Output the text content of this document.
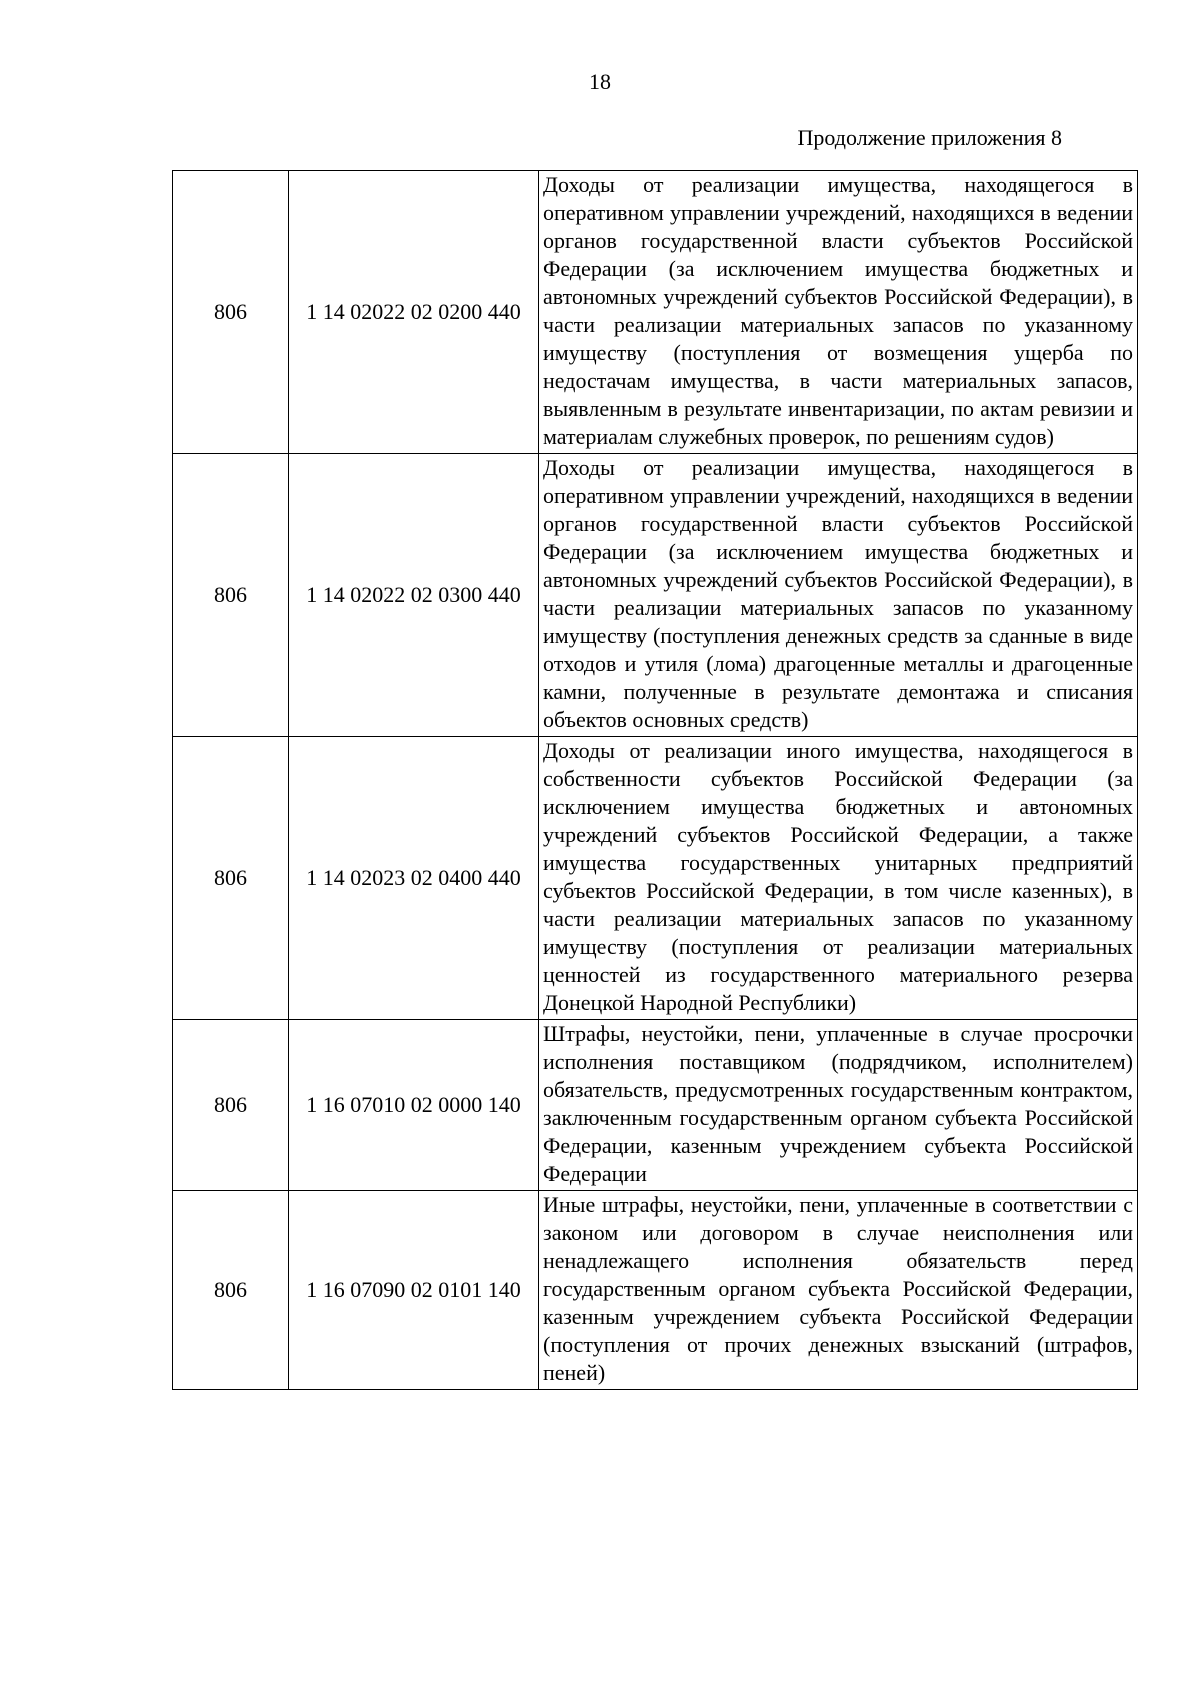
18
Продолжение приложения 8
806	1 14 02022 02 0200 440	Доходы от реализации имущества, находящегося в оперативном управлении учреждений, находящихся в ведении органов государственной власти субъектов Российской Федерации (за исключением имущества бюджетных и автономных учреждений субъектов Российской Федерации), в части реализации материальных запасов по указанному имуществу (поступления от возмещения ущерба по недостачам имущества, в части материальных запасов, выявленным в результате инвентаризации, по актам ревизии и материалам служебных проверок, по решениям судов)
806	1 14 02022 02 0300 440	Доходы от реализации имущества, находящегося в оперативном управлении учреждений, находящихся в ведении органов государственной власти субъектов Российской Федерации (за исключением имущества бюджетных и автономных учреждений субъектов Российской Федерации), в части реализации материальных запасов по указанному имуществу (поступления денежных средств за сданные в виде отходов и утиля (лома) драгоценные металлы и драгоценные камни, полученные в результате демонтажа и списания объектов основных средств)
806	1 14 02023 02 0400 440	Доходы от реализации иного имущества, находящегося в собственности субъектов Российской Федерации (за исключением имущества бюджетных и автономных учреждений субъектов Российской Федерации, а также имущества государственных унитарных предприятий субъектов Российской Федерации, в том числе казенных), в части реализации материальных запасов по указанному имуществу (поступления от реализации материальных ценностей из государственного материального резерва Донецкой Народной Республики)
806	1 16 07010 02 0000 140	Штрафы, неустойки, пени, уплаченные в случае просрочки исполнения поставщиком (подрядчиком, исполнителем) обязательств, предусмотренных государственным контрактом, заключенным государственным органом субъекта Российской Федерации, казенным учреждением субъекта Российской Федерации
806	1 16 07090 02 0101 140	Иные штрафы, неустойки, пени, уплаченные в соответствии с законом или договором в случае неисполнения или ненадлежащего исполнения обязательств перед государственным органом субъекта Российской Федерации, казенным учреждением субъекта Российской Федерации (поступления от прочих денежных взысканий (штрафов, пеней)
